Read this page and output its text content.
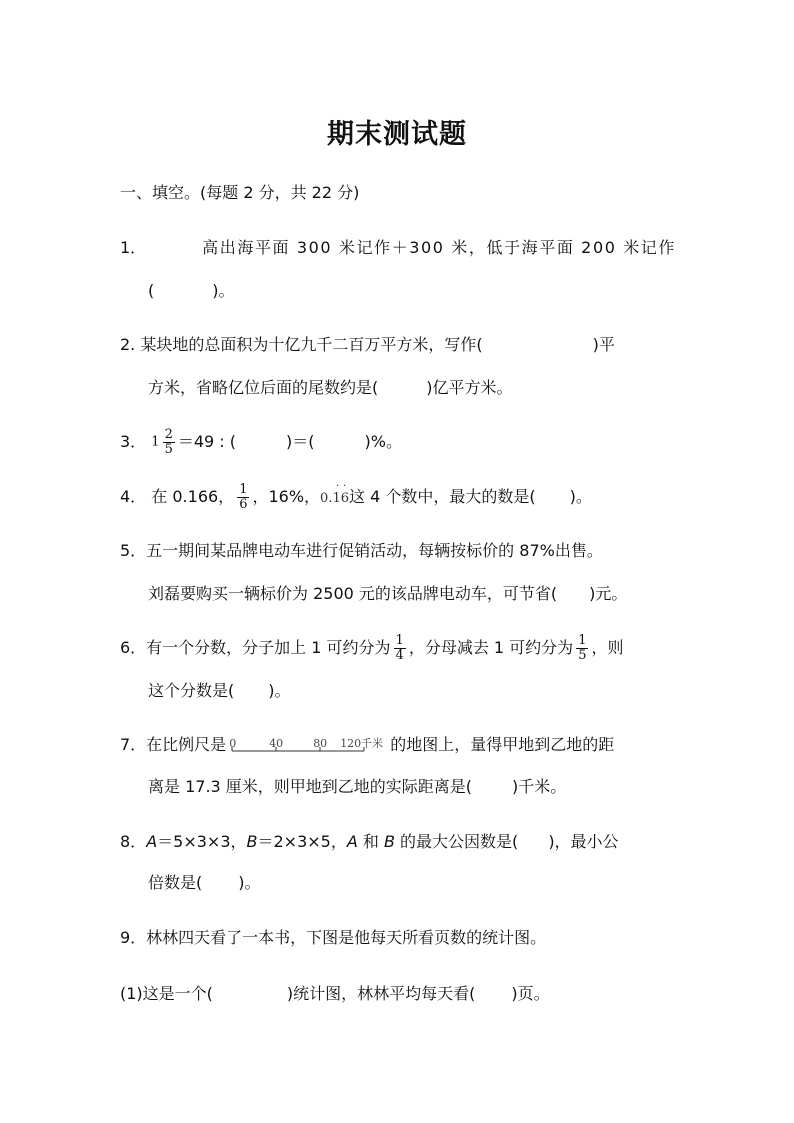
期末测试题
一、填空。(每题 2 分，共 22 分)
1．	高出海平面 300 米记作＋300 米，低于海平面 200 米记作
(	)。
2. 某块地的总面积为十亿九千二百万平方米，写作(	)平
方米，省略亿位后面的尾数约是(	)亿平方米。
3． $1 \frac{2}{5} =49$ : (	)＝(	)%。
4． 在 0.166， $\frac{1}{6}$ ，16%，0.16
· ·
这 4 个数中，最大的数是( )。
5．五一期间某品牌电动车进行促销活动，每辆按标价的 87%出售。
刘磊要购买一辆标价为 2500 元的该品牌电动车，可节省( )元。
6．有一个分数，分子加上 1 可约分为 $\frac{1}{4}$ ，分母减去 1 可约分为 $\frac{1}{5}$ ，则
这个分数是( )。
7．在比例尺是 0	40	80 120千米 的地图上，量得甲地到乙地的距
离是 17.3 厘米，则甲地到乙地的实际距离是(	)千米。
8．A＝5×3×3，B＝2×3×5，A 和 B 的最大公因数是( )，最小公
倍数是( )。
9．林林四天看了一本书，下图是他每天所看页数的统计图。
(1)这是一个(	)统计图，林林平均每天看( )页。
